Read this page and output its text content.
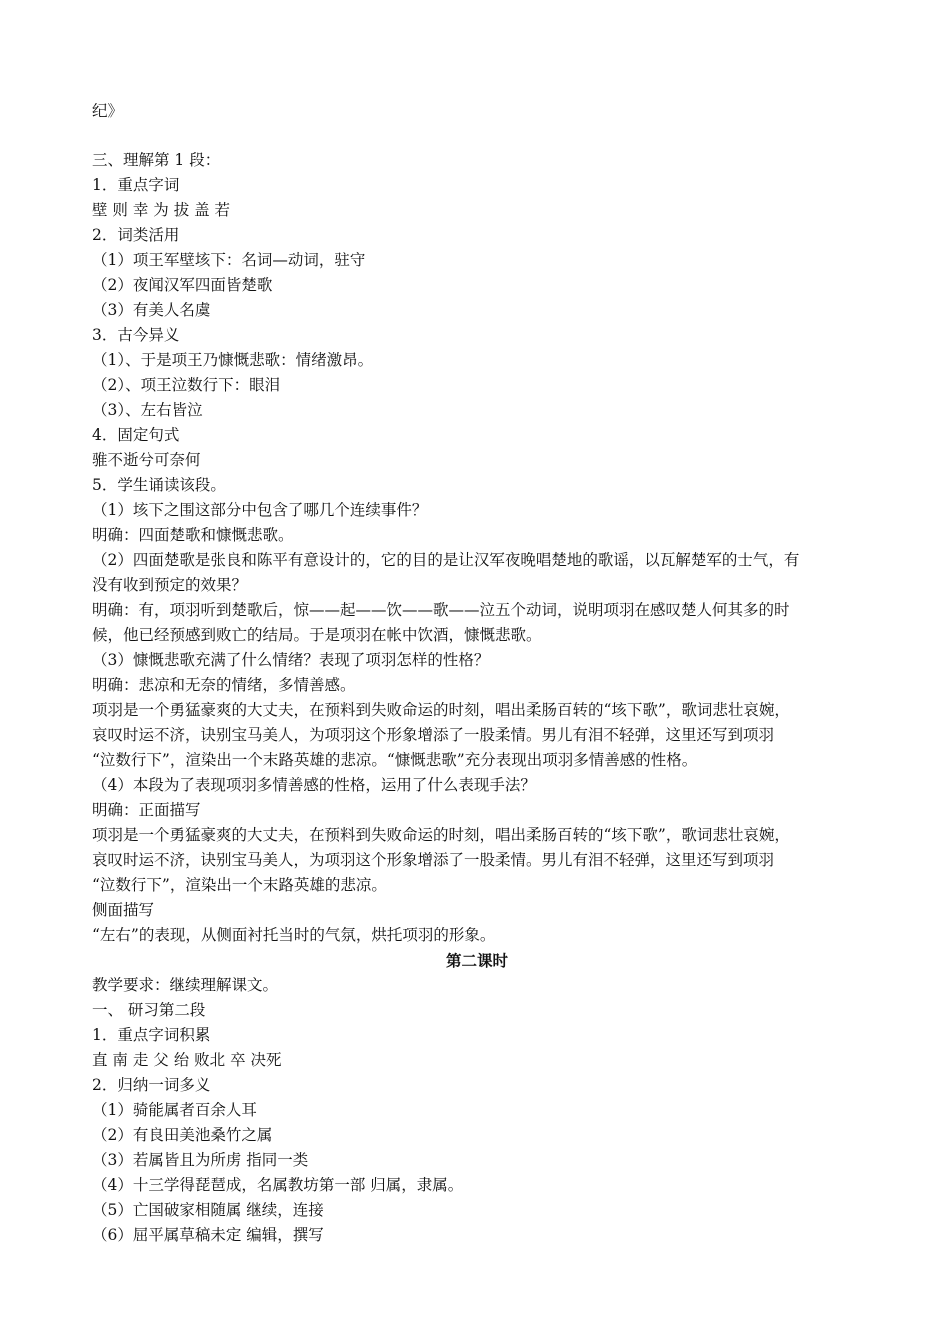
纪》
三、理解第 1 段：
1．重点字词
壁 则 幸 为 拔 盖 若
2．词类活用
（1）项王军壁垓下：名词—动词，驻守
（2）夜闻汉军四面皆楚歌
（3）有美人名虞
3．古今异义
（1）、于是项王乃慷慨悲歌：情绪激昂。
（2）、项王泣数行下：眼泪
（3）、左右皆泣
4．固定句式
骓不逝兮可奈何
5．学生诵读该段。
（1）垓下之围这部分中包含了哪几个连续事件？
明确：四面楚歌和慷慨悲歌。
（2）四面楚歌是张良和陈平有意设计的，它的目的是让汉军夜晚唱楚地的歌谣，以瓦解楚军的士气，有
没有收到预定的效果？
明确：有，项羽听到楚歌后，惊——起——饮——歌——泣五个动词，说明项羽在感叹楚人何其多的时
候，他已经预感到败亡的结局。于是项羽在帐中饮酒，慷慨悲歌。
（3）慷慨悲歌充满了什么情绪？表现了项羽怎样的性格？
明确：悲凉和无奈的情绪，多情善感。
项羽是一个勇猛豪爽的大丈夫，在预料到失败命运的时刻，唱出柔肠百转的“垓下歌”，歌词悲壮哀婉，
哀叹时运不济，诀别宝马美人，为项羽这个形象增添了一股柔情。男儿有泪不轻弹，这里还写到项羽
“泣数行下”，渲染出一个末路英雄的悲凉。“慷慨悲歌”充分表现出项羽多情善感的性格。
（4）本段为了表现项羽多情善感的性格，运用了什么表现手法？
明确：正面描写
项羽是一个勇猛豪爽的大丈夫，在预料到失败命运的时刻，唱出柔肠百转的“垓下歌”，歌词悲壮哀婉，
哀叹时运不济，诀别宝马美人，为项羽这个形象增添了一股柔情。男儿有泪不轻弹，这里还写到项羽
“泣数行下”，渲染出一个末路英雄的悲凉。
侧面描写
“左右”的表现，从侧面衬托当时的气氛，烘托项羽的形象。
第二课时
教学要求：继续理解课文。
一、 研习第二段
1．重点字词积累
直 南 走 父 绐 败北 卒 决死
2．归纳一词多义
（1）骑能属者百余人耳
（2）有良田美池桑竹之属
（3）若属皆且为所虏 指同一类
（4）十三学得琵琶成，名属教坊第一部 归属，隶属。
（5）亡国破家相随属 继续，连接
（6）屈平属草稿未定 编辑，撰写
